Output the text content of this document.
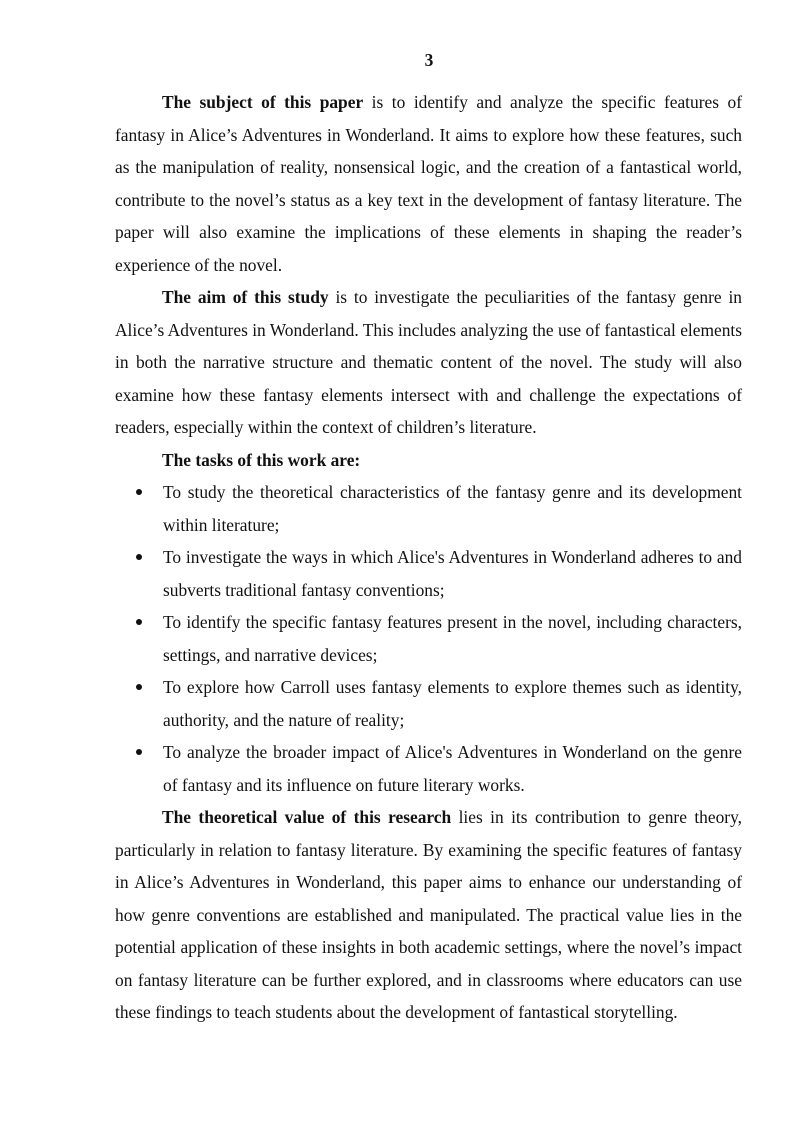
3

The subject of this paper is to identify and analyze the specific features of fantasy in Alice’s Adventures in Wonderland. It aims to explore how these features, such as the manipulation of reality, nonsensical logic, and the creation of a fantastical world, contribute to the novel’s status as a key text in the development of fantasy literature. The paper will also examine the implications of these elements in shaping the reader’s experience of the novel.

The aim of this study is to investigate the peculiarities of the fantasy genre in Alice’s Adventures in Wonderland. This includes analyzing the use of fantastical elements in both the narrative structure and thematic content of the novel. The study will also examine how these fantasy elements intersect with and challenge the expectations of readers, especially within the context of children’s literature.

The tasks of this work are:
To study the theoretical characteristics of the fantasy genre and its development within literature;
To investigate the ways in which Alice's Adventures in Wonderland adheres to and subverts traditional fantasy conventions;
To identify the specific fantasy features present in the novel, including characters, settings, and narrative devices;
To explore how Carroll uses fantasy elements to explore themes such as identity, authority, and the nature of reality;
To analyze the broader impact of Alice's Adventures in Wonderland on the genre of fantasy and its influence on future literary works.

The theoretical value of this research lies in its contribution to genre theory, particularly in relation to fantasy literature. By examining the specific features of fantasy in Alice’s Adventures in Wonderland, this paper aims to enhance our understanding of how genre conventions are established and manipulated. The practical value lies in the potential application of these insights in both academic settings, where the novel’s impact on fantasy literature can be further explored, and in classrooms where educators can use these findings to teach students about the development of fantastical storytelling.
